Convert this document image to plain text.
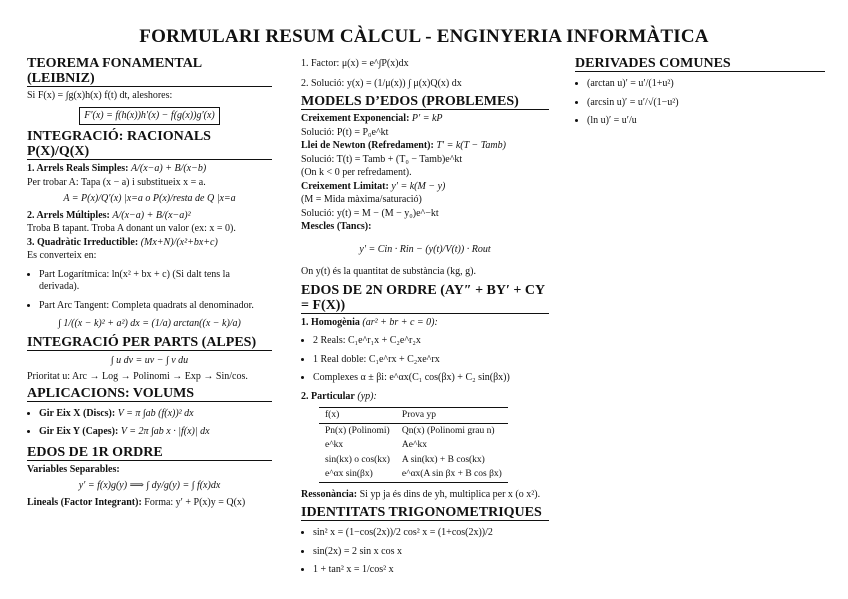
FORMULARI RESUM CÀLCUL - ENGINYERIA INFORMÀTICA
TEOREMA FONAMENTAL (LEIBNIZ)
Si F(x) = ∫g(x)h(x) f(t) dt, aleshores:
F′(x) = f(h(x))h′(x) − f(g(x))g′(x)
INTEGRACIÓ: RACIONALS P(X)/Q(X)
1. Arrels Reals Simples: A/(x−a) + B/(x−b)
Per trobar A: Tapa (x − a) i substitueix x = a.
A = P(x)/Q′(x) |x=a o P(x)/resta de Q |x=a
2. Arrels Múltiples: A/(x−a) + B/(x−a)²
Troba B tapant. Troba A donant un valor (ex: x = 0).
3. Quadràtic Irreductible: (Mx+N)/(x²+bx+c)
Es converteix en:
• Part Logarítmica: ln(x² + bx + c) (Si dalt tens la derivada).
• Part Arc Tangent: Completa quadrats al denominador.
∫ 1/((x − k)² + a²) dx = (1/a) arctan((x − k)/a)
INTEGRACIÓ PER PARTS (ALPES)
∫ u dv = uv − ∫ v du
Prioritat u: Arc → Log → Polinomi → Exp → Sin/cos.
APLICACIONS: VOLUMS
• Gir Eix X (Discs): V = π ∫ab (f(x))² dx
• Gir Eix Y (Capes): V = 2π ∫ab x · |f(x)| dx
EDOS DE 1R ORDRE
Variables Separables:
y′ = f(x)g(y) ⟹ ∫ dy/g(y) = ∫ f(x)dx
Lineals (Factor Integrant): Forma: y′ + P(x)y = Q(x)
1. Factor: μ(x) = e^∫P(x)dx
2. Solució: y(x) = (1/μ(x)) ∫ μ(x)Q(x) dx
MODELS D’EDOS (PROBLEMES)
Creixement Exponencial: P′ = kP
Solució: P(t) = P₀e^kt
Llei de Newton (Refredament): T′ = k(T − Tamb)
Solució: T(t) = Tamb + (T₀ − Tamb)e^kt
(On k < 0 per refredament).
Creixement Limitat: y′ = k(M − y)
(M = Mida màxima/saturació)
Solució: y(t) = M − (M − y₀)e^−kt
Mescles (Tancs):
y′ = Cin · Rin − (y(t)/V(t)) · Rout
On y(t) és la quantitat de substància (kg, g).
EDOS DE 2N ORDRE (AY″ + BY′ + CY = F(X))
1. Homogènia (ar² + br + c = 0):
• 2 Reals: C₁e^r₁x + C₂e^r₂x
• 1 Real doble: C₁e^rx + C₂xe^rx
• Complexes α ± βi: e^αx(C₁ cos(βx) + C₂ sin(βx))
2. Particular (yp):
f(x)	Prova yp
Pn(x) (Polinomi)	Qn(x) (Polinomi grau n)
e^kx	Ae^kx
sin(kx) o cos(kx)	A sin(kx) + B cos(kx)
e^αx sin(βx)	e^αx(A sin βx + B cos βx)
Ressonància: Si yp ja és dins de yh, multiplica per x (o x²).
IDENTITATS TRIGONOMETRIQUES
• sin² x = (1−cos(2x))/2 cos² x = (1+cos(2x))/2
• sin(2x) = 2 sin x cos x
• 1 + tan² x = 1/cos² x
DERIVADES COMUNES
• (arctan u)′ = u′/(1+u²)
• (arcsin u)′ = u′/√(1−u²)
• (ln u)′ = u′/u
